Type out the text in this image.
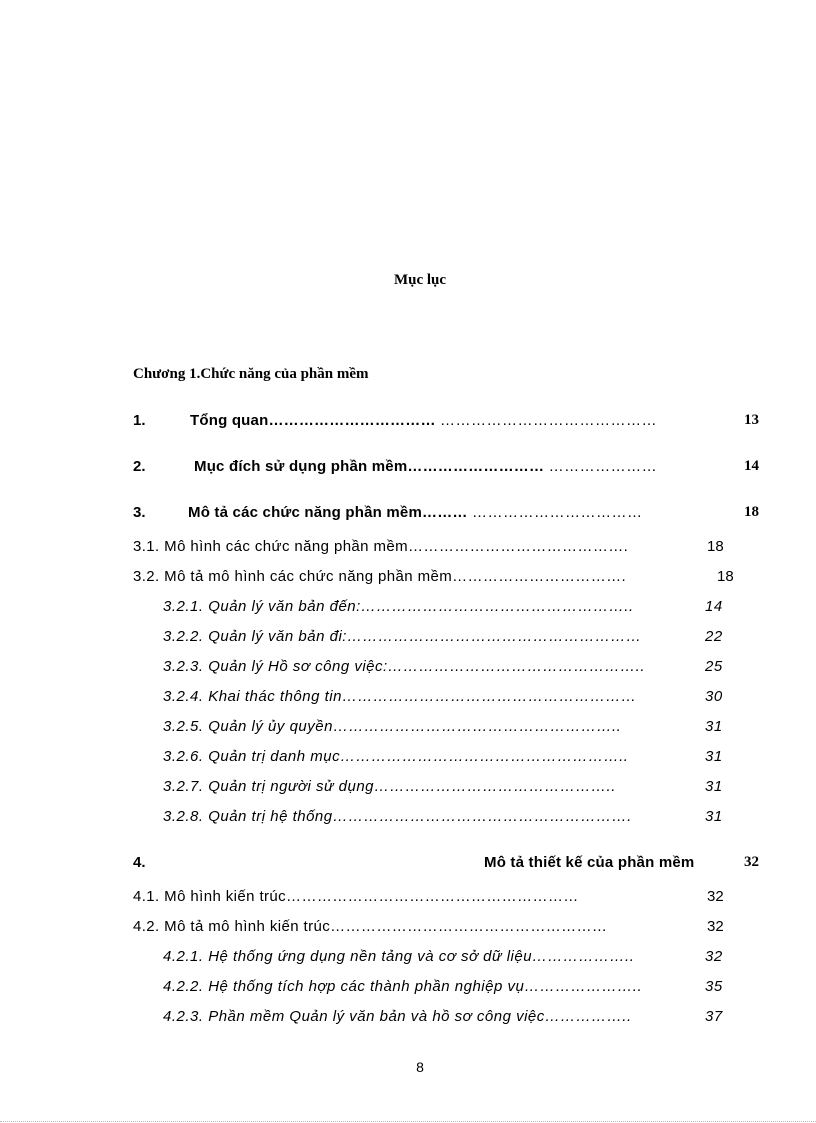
Mục lục
Chương 1.Chức năng của phần mềm
1.	Tổng quan…………………………… ……………………………………	13
2.	Mục đích sử dụng phần mềm……………………… …………………	14
3.	Mô tả các chức năng phần mềm……… ……………………………	18
3.1. Mô hình các chức năng phần mềm…………………………………….	18
3.2. Mô tả mô hình các chức năng phần mềm…………………………….	18
3.2.1. Quản lý văn bản đến:……………………………………………..	14
3.2.2. Quản lý văn bản đi:…………………………………………………	22
3.2.3. Quản lý Hồ sơ công việc:…………………………………………..	25
3.2.4. Khai thác thông tin…………………………………………………	30
3.2.5. Quản lý ủy quyền………………………………………………..	31
3.2.6. Quản trị danh mục………………………………………………..	31
3.2.7. Quản trị người sử dụng………………………………………..	31
3.2.8. Quản trị hệ thống………………………………………………….	31
4.	Mô tả thiết kế của phần mềm	32
4.1. Mô hình kiến trúc…………………………………………………	32
4.2. Mô tả mô hình kiến trúc………………………………………………	32
4.2.1. Hệ thống ứng dụng nền tảng và cơ sở dữ liệu………………..	32
4.2.2. Hệ thống tích hợp các thành phần nghiệp vụ…………………..	35
4.2.3. Phần mềm Quản lý văn bản và hồ sơ công việc……………..	37
8
